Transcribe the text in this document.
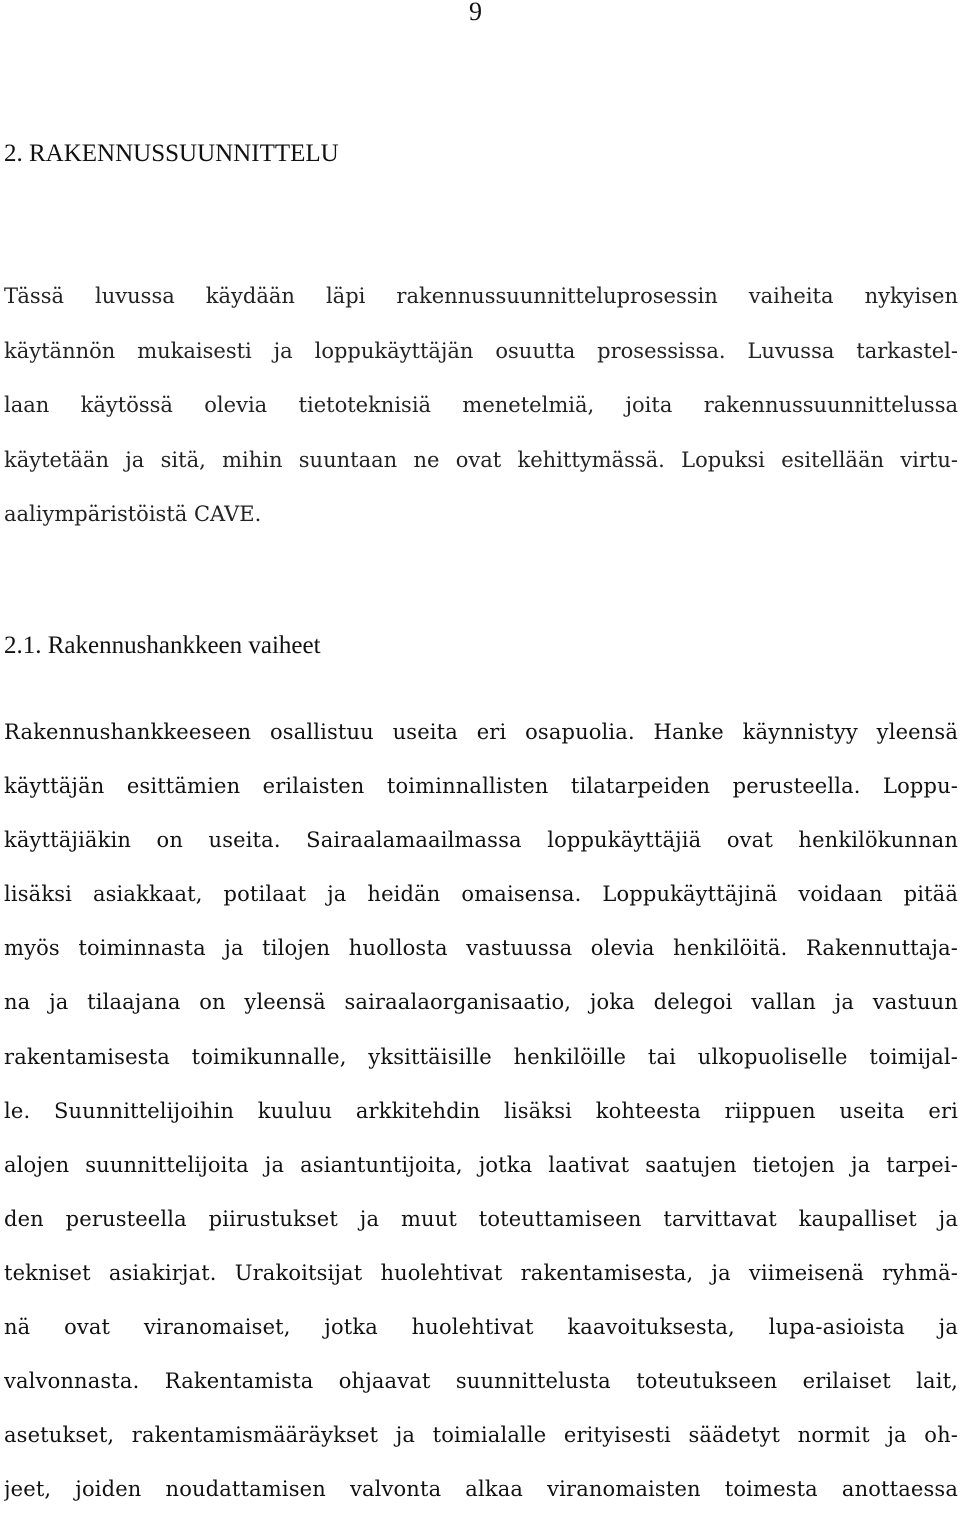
9

2. RAKENNUSSUUNNITTELU
Tässä luvussa käydään läpi rakennussuunnitteluprosessin vaiheita nykyisen
käytännön mukaisesti ja loppukäyttäjän osuutta prosessissa. Luvussa tarkastel-
laan käytössä olevia tietoteknisiä menetelmiä, joita rakennussuunnittelussa
käytetään ja sitä, mihin suuntaan ne ovat kehittymässä. Lopuksi esitellään virtu-
aaliympäristöistä CAVE.
2.1. Rakennushankkeen vaiheet
Rakennushankkeeseen osallistuu useita eri osapuolia. Hanke käynnistyy yleensä
käyttäjän esittämien erilaisten toiminnallisten tilatarpeiden perusteella. Loppu-
käyttäjiäkin on useita. Sairaalamaailmassa loppukäyttäjiä ovat henkilökunnan
lisäksi asiakkaat, potilaat ja heidän omaisensa. Loppukäyttäjinä voidaan pitää
myös toiminnasta ja tilojen huollosta vastuussa olevia henkilöitä. Rakennuttaja-
na ja tilaajana on yleensä sairaalaorganisaatio, joka delegoi vallan ja vastuun
rakentamisesta toimikunnalle, yksittäisille henkilöille tai ulkopuoliselle toimijal-
le. Suunnittelijoihin kuuluu arkkitehdin lisäksi kohteesta riippuen useita eri
alojen suunnittelijoita ja asiantuntijoita, jotka laativat saatujen tietojen ja tarpei-
den perusteella piirustukset ja muut toteuttamiseen tarvittavat kaupalliset ja
tekniset asiakirjat. Urakoitsijat huolehtivat rakentamisesta, ja viimeisenä ryhmä-
nä ovat viranomaiset, jotka huolehtivat kaavoituksesta, lupa-asioista ja
valvonnasta. Rakentamista ohjaavat suunnittelusta toteutukseen erilaiset lait,
asetukset, rakentamismääräykset ja toimialalle erityisesti säädetyt normit ja oh-
jeet, joiden noudattamisen valvonta alkaa viranomaisten toimesta anottaessa
